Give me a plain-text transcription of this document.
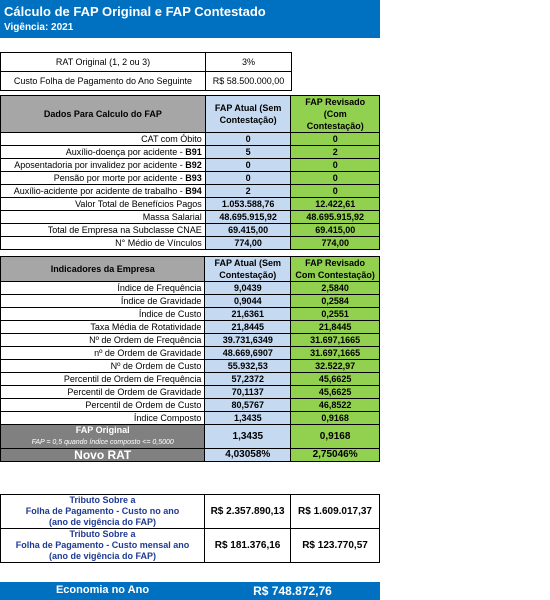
Cálculo de FAP Original e FAP Contestado
Vigência: 2021
RAT Original (1, 2 ou 3)	3%
Custo Folha de Pagamento do Ano Seguinte	R$ 58.500.000,00
Dados Para Calculo do FAP	FAP Atual (Sem Contestação)	FAP Revisado (Com Contestação)
CAT com Óbito	0	0
Auxílio-doença por acidente - B91	5	2
Aposentadoria por invalidez por acidente - B92	0	0
Pensão por morte por acidente - B93	0	0
Auxílio-acidente por acidente de trabalho - B94	2	0
Valor Total de Benefícios Pagos	1.053.588,76	12.422,61
Massa Salarial	48.695.915,92	48.695.915,92
Total de Empresa na Subclasse CNAE	69.415,00	69.415,00
N° Médio de Vínculos	774,00	774,00
Indicadores da Empresa	FAP Atual (Sem Contestação)	FAP Revisado Com Contestação)
Índice de Frequência	9,0439	2,5840
Índice de Gravidade	0,9044	0,2584
Índice de Custo	21,6361	0,2551
Taxa Média de Rotatividade	21,8445	21,8445
Nº de Ordem de Frequência	39.731,6349	31.697,1665
nº de Ordem de Gravidade	48.669,6907	31.697,1665
Nº de Ordem de Custo	55.932,53	32.522,97
Percentil de Ordem de Frequência	57,2372	45,6625
Percentil de Ordem de Gravidade	70,1137	45,6625
Percentil de Ordem de Custo	80,5767	46,8522
Índice Composto	1,3435	0,9168
FAP Original
FAP = 0,5 quando índice composto <= 0,5000	1,3435	0,9168
Novo RAT	4,03058%	2,75046%
Tributo Sobre a
Folha de Pagamento - Custo no ano
(ano de vigência do FAP)	R$ 2.357.890,13	R$ 1.609.017,37
Tributo Sobre a
Folha de Pagamento - Custo mensal ano
(ano de vigência do FAP)	R$ 181.376,16	R$ 123.770,57
Economia no Ano	R$ 748.872,76
